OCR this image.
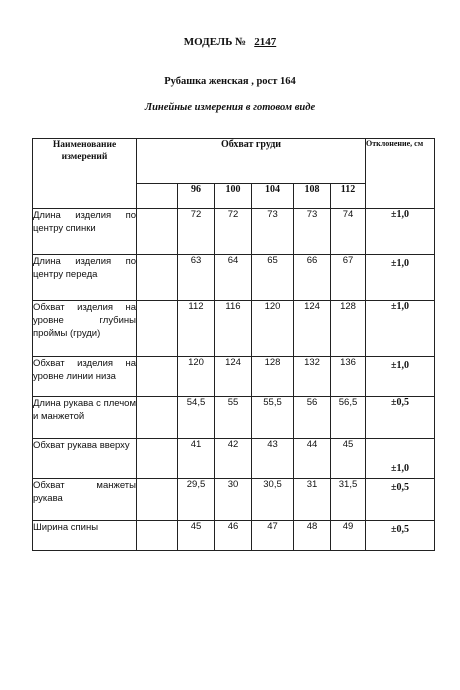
МОДЕЛЬ № 2147
Рубашка женская , рост 164
Линейные измерения в готовом виде
Наименование измерений	Обхват груди						Отклонение, см
		96	100	104	108	112	
Длина изделия по центру спинки		72	72	73	73	74	±1,0
Длина изделия по центру переда		63	64	65	66	67	±1,0
Обхват изделия на уровне глубины проймы (груди)		112	116	120	124	128	±1,0
Обхват изделия на уровне линии низа		120	124	128	132	136	±1,0
Длина рукава с плечом и манжетой		54,5	55	55,5	56	56,5	±0,5
Обхват рукава вверху		41	42	43	44	45	±1,0
Обхват манжеты рукава		29,5	30	30,5	31	31,5	±0,5
Ширина спины		45	46	47	48	49	±0,5
